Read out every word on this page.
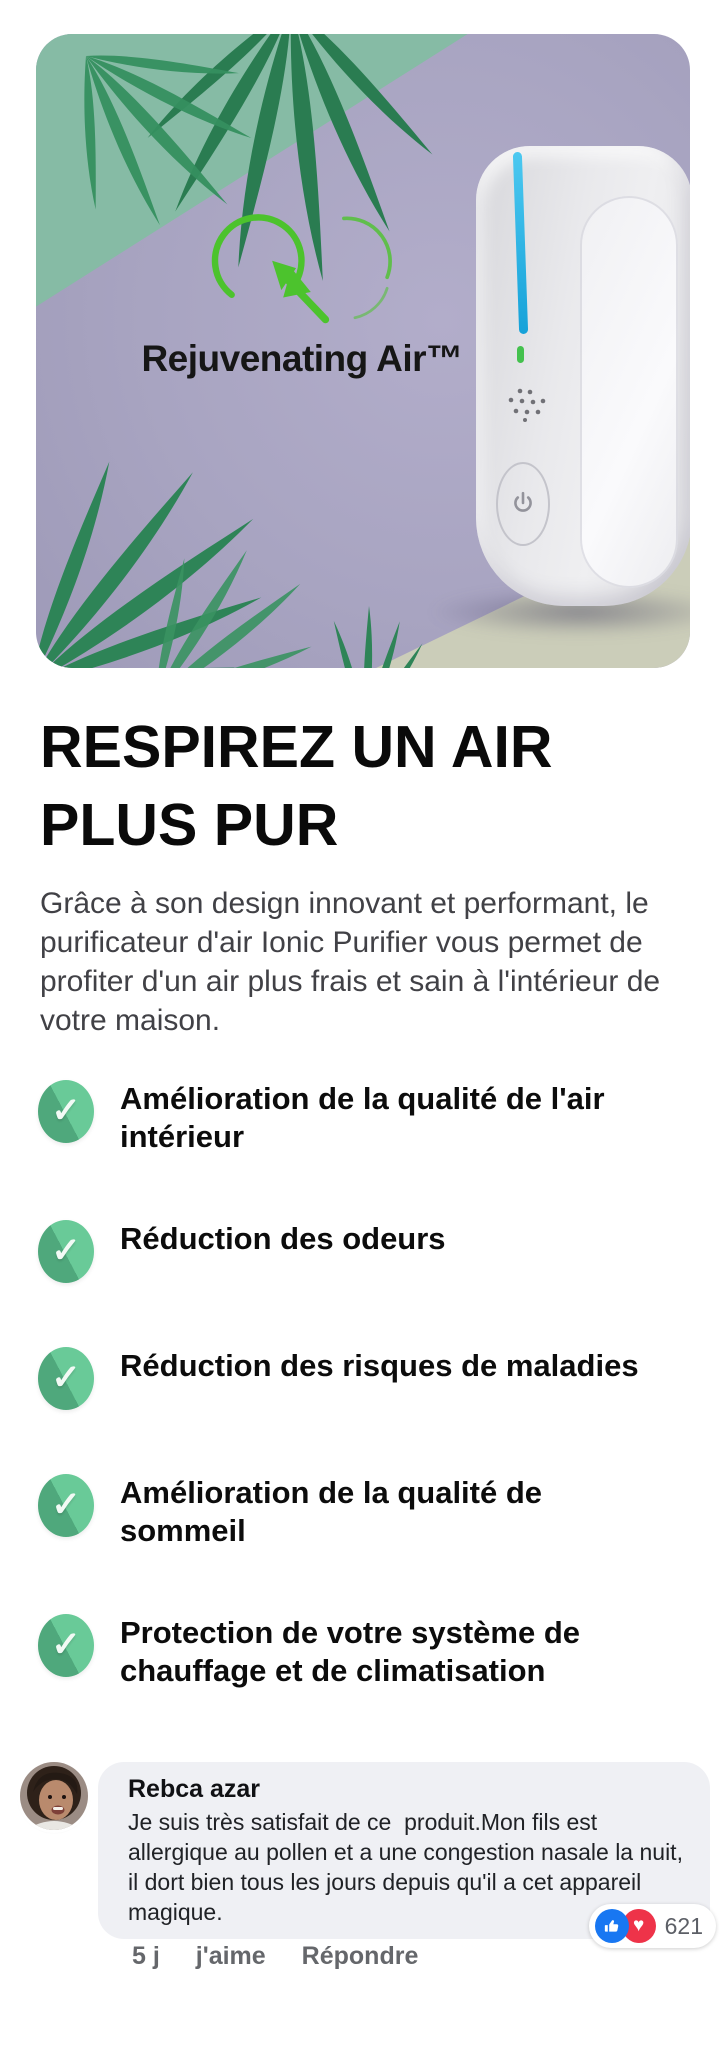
Rejuvenating Air™
RESPIREZ UN AIR
PLUS PUR

Grâce à son design innovant et performant, le purificateur d'air Ionic Purifier vous permet de profiter d'un air plus frais et sain à l'intérieur de votre maison.

✓ Amélioration de la qualité de l'air intérieur
✓ Réduction des odeurs
✓ Réduction des risques de maladies
✓ Amélioration de la qualité de sommeil
✓ Protection de votre système de chauffage et de climatisation
Rebca azar
Je suis très satisfait de ce  produit.Mon fils est allergique au pollen et a une congestion nasale la nuit, il dort bien tous les jours depuis qu'il a cet appareil magique.	♥ 621
5 j j'aime Répondre
